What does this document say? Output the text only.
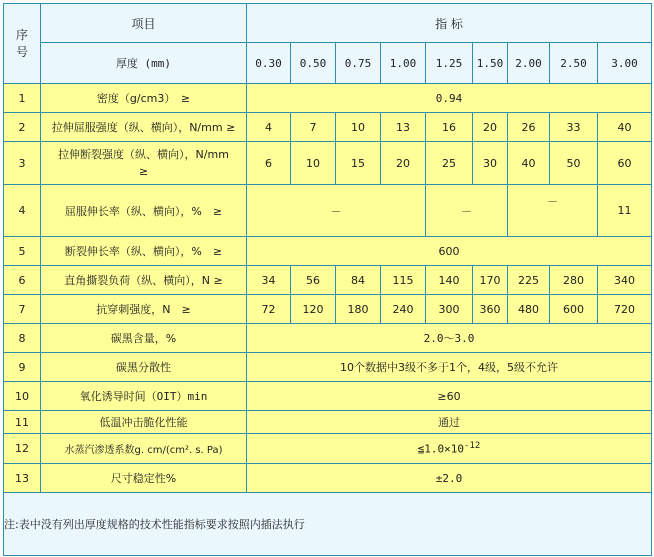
序
号	项目	指 标								
	厚度 (mm)	0.30	0.50	0.75	1.00	1.25	1.50	2.00	2.50	3.00
1	密度（g/cm3）　≥	0.94								
2	拉伸屈服强度（纵、横向），N/mm ≥	4	7	10	13	16	20	26	33	40
3	拉伸断裂强度（纵、横向），N/mm
≥	6	10	15	20	25	30	40	50	60
4	屈服伸长率（纵、横向），%　≥	－				－		－		11
5	断裂伸长率（纵、横向），%　≥	600								
6	直角撕裂负荷（纵、横向），N ≥	34	56	84	115	140	170	225	280	340
7	抗穿刺强度，N　≥	72	120	180	240	300	360	480	600	720
8	碳黑含量，%	2.0～3.0								
9	碳黑分散性	10个数据中3级不多于1个，4级，5级不允许								
10	氧化诱导时间（OIT）min	≥60								
11	低温冲击脆化性能	通过								
12	水蒸汽渗透系数g. cm/(cm². s. Pa)	$≦1.0\times 10^{-12}$
13	尺寸稳定性%	±2.0								
注:表中没有列出厚度规格的技术性能指标要求按照内插法执行										
